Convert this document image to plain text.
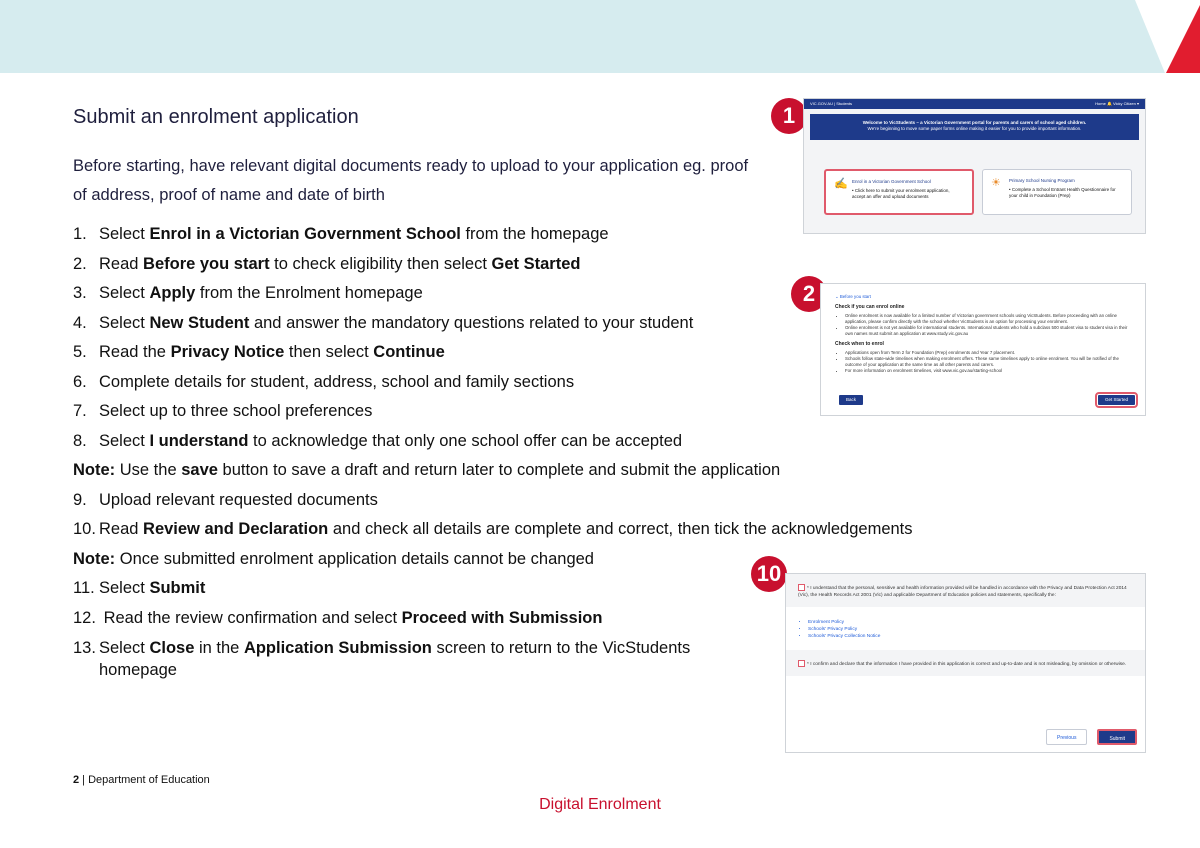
Submit an enrolment application
Before starting, have relevant digital documents ready to upload to your application eg. proof
of address, proof of name and date of birth
1. Select Enrol in a Victorian Government School from the homepage
2. Read Before you start to check eligibility then select Get Started
3. Select Apply from the Enrolment homepage
4. Select New Student and answer the mandatory questions related to your student
5. Read the Privacy Notice then select Continue
6. Complete details for student, address, school and family sections
7. Select up to three school preferences
8. Select I understand to acknowledge that only one school offer can be accepted
Note: Use the save button to save a draft and return later to complete and submit the application
9. Upload relevant requested documents
10. Read Review and Declaration and check all details are complete and correct, then tick the acknowledgements
Note: Once submitted enrolment application details cannot be changed
11. Select Submit
12. Read the review confirmation and select Proceed with Submission
13. Select Close in the Application Submission screen to return to the VicStudents homepage
1	VIC.GOV.AU | Students	Home 🔔 Vicky Citizen ▾
Welcome to VicStudents – a Victorian Government portal for parents and carers of school aged children.
We're beginning to move some paper forms online making it easier for you to provide important information.
✍ Enrol in a Victorian Government School
• Click here to submit your enrolment application, accept an offer and upload documents
☀	Primary School Nursing Program
• Complete a School Entrant Health Questionnaire for your child in Foundation (Prep)
2	⌄ Before you start
Check if you can enrol online
• Online enrolment is now available for a limited number of Victorian government schools using VicStudents. Before proceeding with an online application, please confirm directly with the school whether VicStudents is an option for processing your enrolment.
• Online enrolment is not yet available for international students. International students who hold a subclass 500 student visa to student visa in their own names must submit an application at www.study.vic.gov.au
Check when to enrol
• Applications open from Term 2 for Foundation (Prep) enrolments and Year 7 placement.
• Schools follow state-wide timelines when making enrolment offers. These same timelines apply to online enrolment. You will be notified of the outcome of your application at the same time as all other parents and carers.
• For more information on enrolment timelines, visit www.vic.gov.au/starting-school
Back	Get Started
10
* I understand that the personal, sensitive and health information provided will be handled in accordance with the Privacy and Data Protection Act 2014 (Vic), the Health Records Act 2001 (Vic) and applicable Department of Education policies and statements, specifically the:
• Enrolment Policy
• Schools' Privacy Policy
• Schools' Privacy Collection Notice
* I confirm and declare that the information I have provided in this application is correct and up-to-date and is not misleading, by omission or otherwise.
Previous	Submit
2 | Department of Education
Digital Enrolment
